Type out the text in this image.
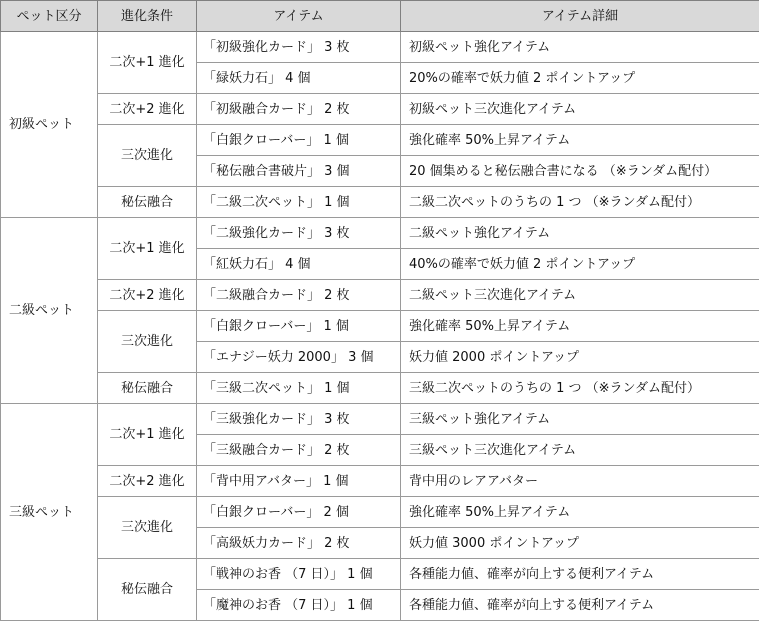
ペット区分	進化条件	アイテム	アイテム詳細
初級ペット	二次+1 進化	「初級強化カード」 3 枚	初級ペット強化アイテム
		「緑妖力石」 4 個	20%の確率で妖力値 2 ポイントアップ
	二次+2 進化	「初級融合カード」 2 枚	初級ペット三次進化アイテム
	三次進化	「白銀クローバー」 1 個	強化確率 50%上昇アイテム
		「秘伝融合書破片」 3 個	20 個集めると秘伝融合書になる （※ランダム配付）
	秘伝融合	「二級二次ペット」 1 個	二級二次ペットのうちの 1 つ （※ランダム配付）
二級ペット	二次+1 進化	「二級強化カード」 3 枚	二級ペット強化アイテム
		「紅妖力石」 4 個	40%の確率で妖力値 2 ポイントアップ
	二次+2 進化	「二級融合カード」 2 枚	二級ペット三次進化アイテム
	三次進化	「白銀クローバー」 1 個	強化確率 50%上昇アイテム
		「エナジー妖力 2000」 3 個	妖力値 2000 ポイントアップ
	秘伝融合	「三級二次ペット」 1 個	三級二次ペットのうちの 1 つ （※ランダム配付）
三級ペット	二次+1 進化	「三級強化カード」 3 枚	三級ペット強化アイテム
		「三級融合カード」 2 枚	三級ペット三次進化アイテム
	二次+2 進化	「背中用アバター」 1 個	背中用のレアアバター
	三次進化	「白銀クローバー」 2 個	強化確率 50%上昇アイテム
		「高級妖力カード」 2 枚	妖力値 3000 ポイントアップ
	秘伝融合	「戦神のお香 （7 日）」 1 個	各種能力値、確率が向上する便利アイテム
		「魔神のお香 （7 日）」 1 個	各種能力値、確率が向上する便利アイテム
